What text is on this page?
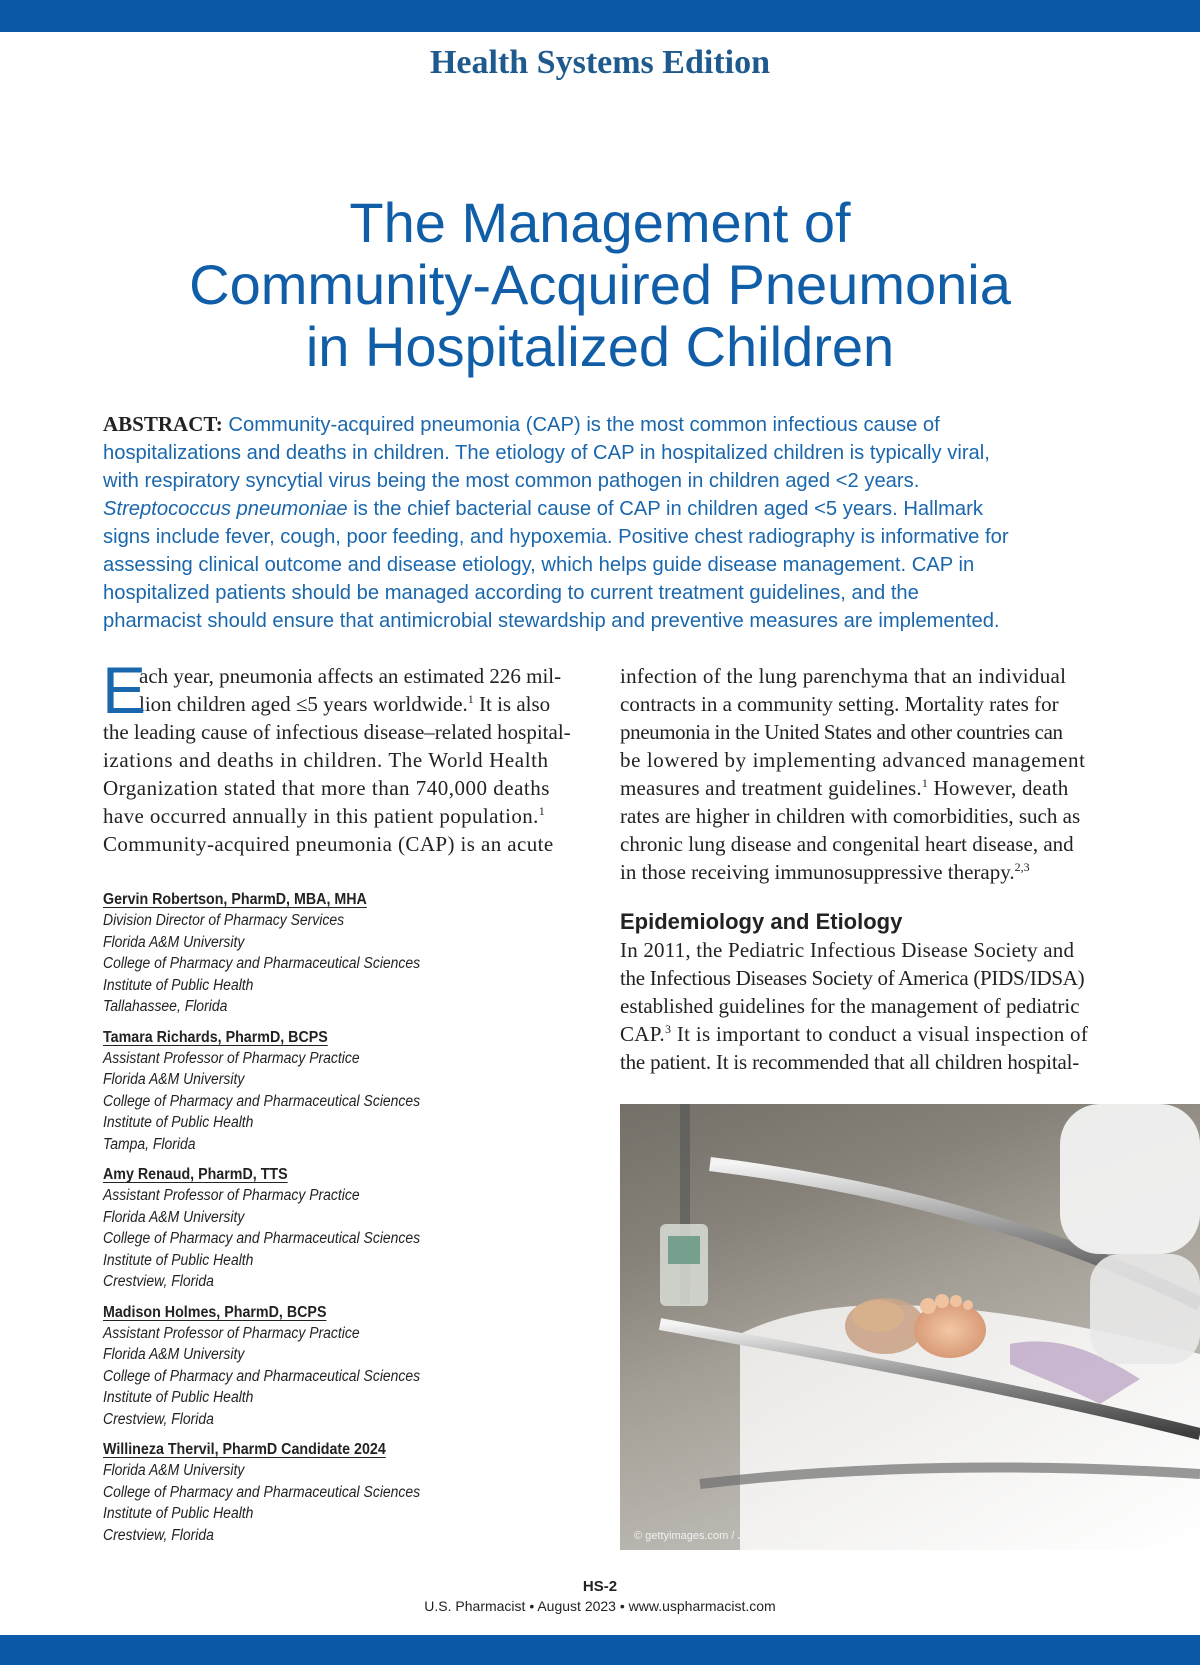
Health Systems Edition
The Management of
Community-Acquired Pneumonia
in Hospitalized Children
ABSTRACT: Community-acquired pneumonia (CAP) is the most common infectious cause of
hospitalizations and deaths in children. The etiology of CAP in hospitalized children is typically viral,
with respiratory syncytial virus being the most common pathogen in children aged <2 years.
Streptococcus pneumoniae is the chief bacterial cause of CAP in children aged <5 years. Hallmark
signs include fever, cough, poor feeding, and hypoxemia. Positive chest radiography is informative for
assessing clinical outcome and disease etiology, which helps guide disease management. CAP in
hospitalized patients should be managed according to current treatment guidelines, and the
pharmacist should ensure that antimicrobial stewardship and preventive measures are implemented.
E
ach year, pneumonia affects an estimated 226 mil-
lion children aged ≤5 years worldwide.$^1$ It is also
the leading cause of infectious disease–related hospital-
izations and deaths in children. The World Health
Organization stated that more than 740,000 deaths
have occurred annually in this patient population.$^1$
Community-acquired pneumonia (CAP) is an acute
Gervin Robertson, PharmD, MBA, MHA
Division Director of Pharmacy Services
Florida A&M University
College of Pharmacy and Pharmaceutical Sciences
Institute of Public Health
Tallahassee, Florida
Tamara Richards, PharmD, BCPS
Assistant Professor of Pharmacy Practice
Florida A&M University
College of Pharmacy and Pharmaceutical Sciences
Institute of Public Health
Tampa, Florida
Amy Renaud, PharmD, TTS
Assistant Professor of Pharmacy Practice
Florida A&M University
College of Pharmacy and Pharmaceutical Sciences
Institute of Public Health
Crestview, Florida
Madison Holmes, PharmD, BCPS
Assistant Professor of Pharmacy Practice
Florida A&M University
College of Pharmacy and Pharmaceutical Sciences
Institute of Public Health
Crestview, Florida
Willineza Thervil, PharmD Candidate 2024
Florida A&M University
College of Pharmacy and Pharmaceutical Sciences
Institute of Public Health
Crestview, Florida
infection of the lung parenchyma that an individual
contracts in a community setting. Mortality rates for
pneumonia in the United States and other countries can
be lowered by implementing advanced management
measures and treatment guidelines.$^1$ However, death
rates are higher in children with comorbidities, such as
chronic lung disease and congenital heart disease, and
in those receiving immunosuppressive therapy.$^{2,3}$
Epidemiology and Etiology
In 2011, the Pediatric Infectious Disease Society and
the Infectious Diseases Society of America (PIDS/IDSA)
established guidelines for the management of pediatric
CAP.$^3$ It is important to conduct a visual inspection of
the patient. It is recommended that all children hospital-
© gettyimages.com / JobsonHealthcare
HS-2
U.S. Pharmacist • August 2023 • www.uspharmacist.com
